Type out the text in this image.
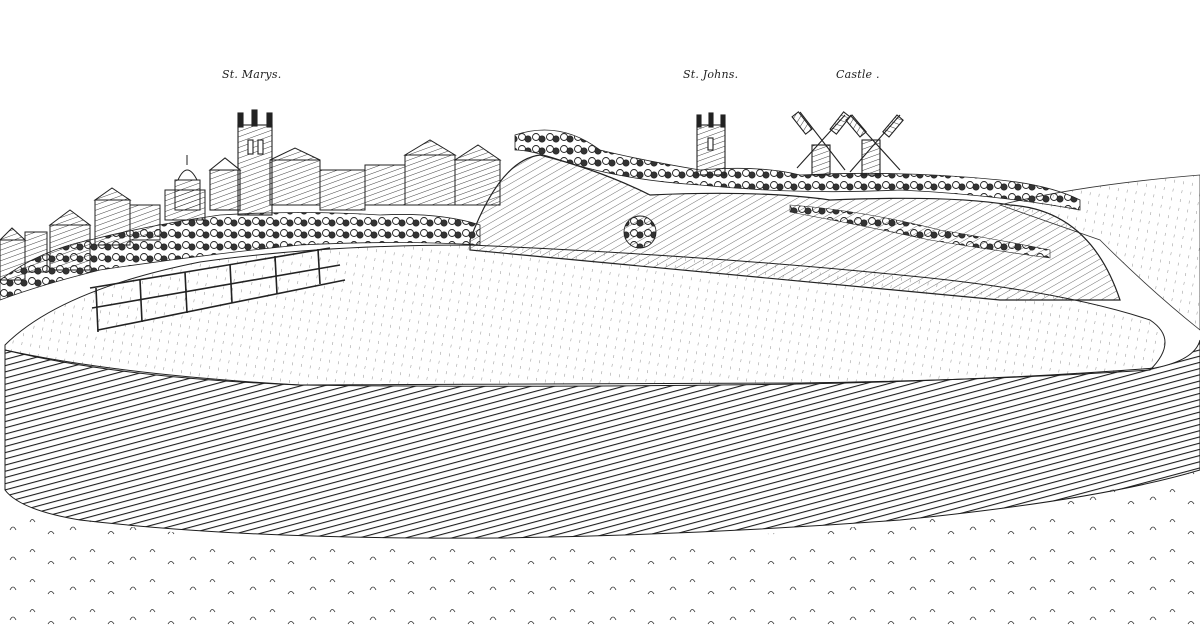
St. Marys.	St. Johns.	Castle .
